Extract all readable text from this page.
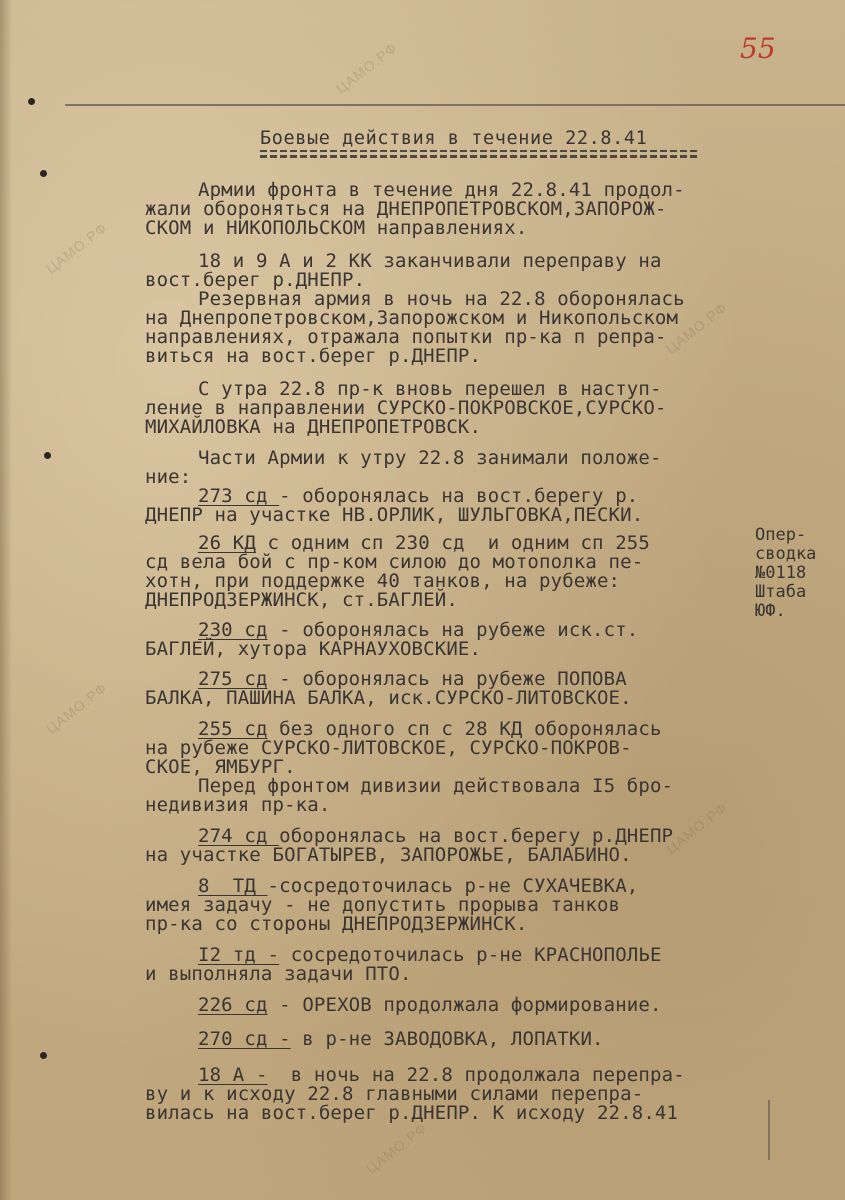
ЦАМО.РФ
ЦАМО.РФ
ЦАМО.РФ
ЦАМО.РФ
ЦАМО.РФ
ЦАМО.РФ
55
Боевые действия в течение 22.8.41
Армии фронта в течение дня 22.8.41 продол-
жали обороняться на ДНЕПРОПЕТРОВСКОМ,ЗАПОРОЖ-
СКОМ и НИКОПОЛЬСКОМ направлениях.
18 и 9 А и 2 КК заканчивали переправу на
вост.берег р.ДНЕПР.
Резервная армия в ночь на 22.8 оборонялась
на Днепропетровском,Запорожском и Никопольском
направлениях, отражала попытки пр-ка п репра-
виться на вост.берег р.ДНЕПР.
С утра 22.8 пр-к вновь перешел в наступ-
ление в направлении СУРСКО-ПОКРОВСКОЕ,СУРСКО-
МИХАЙЛОВКА на ДНЕПРОПЕТРОВСК.
Части Армии к утру 22.8 занимали положе-
ние:
273 сд - оборонялась на вост.берегу р.
ДНЕПР на участке НВ.ОРЛИК, ШУЛЬГОВКА,ПЕСКИ.
26 КД с одним сп 230 сд  и одним сп 255
сд вела бой с пр-ком силою до мотополка пе-
хотн, при поддержке 40 танков, на рубеже:
ДНЕПРОДЗЕРЖИНСК, ст.БАГЛЕЙ.
230 сд - оборонялась на рубеже иск.ст.
БАГЛЕЙ, хутора КАРНАУХОВСКИЕ.
275 сд - оборонялась на рубеже ПОПОВА
БАЛКА, ПАШИНА БАЛКА, иск.СУРСКО-ЛИТОВСКОЕ.
255 сд без одного сп с 28 КД оборонялась
на рубеже СУРСКО-ЛИТОВСКОЕ, СУРСКО-ПОКРОВ-
СКОЕ, ЯМБУРГ.
Перед фронтом дивизии действовала I5 бро-
недивизия пр-ка.
274 сд оборонялась на вост.берегу р.ДНЕПР
на участке БОГАТЫРЕВ, ЗАПОРОЖЬЕ, БАЛАБИНО.
8  ТД -сосредоточилась р-не СУХАЧЕВКА,
имея задачу - не допустить прорыва танков
пр-ка со стороны ДНЕПРОДЗЕРЖИНСК.
I2 тд - сосредоточилась р-не КРАСНОПОЛЬЕ
и выполняла задачи ПТО.
226 сд - ОРЕХОВ продолжала формирование.
270 сд - в р-не ЗАВОДОВКА, ЛОПАТКИ.
18 А -  в ночь на 22.8 продолжала перепра-
ву и к исходу 22.8 главными силами перепра-
вилась на вост.берег р.ДНЕПР. К исходу 22.8.41
Опер-
сводка
№0118
Штаба
ЮФ.
